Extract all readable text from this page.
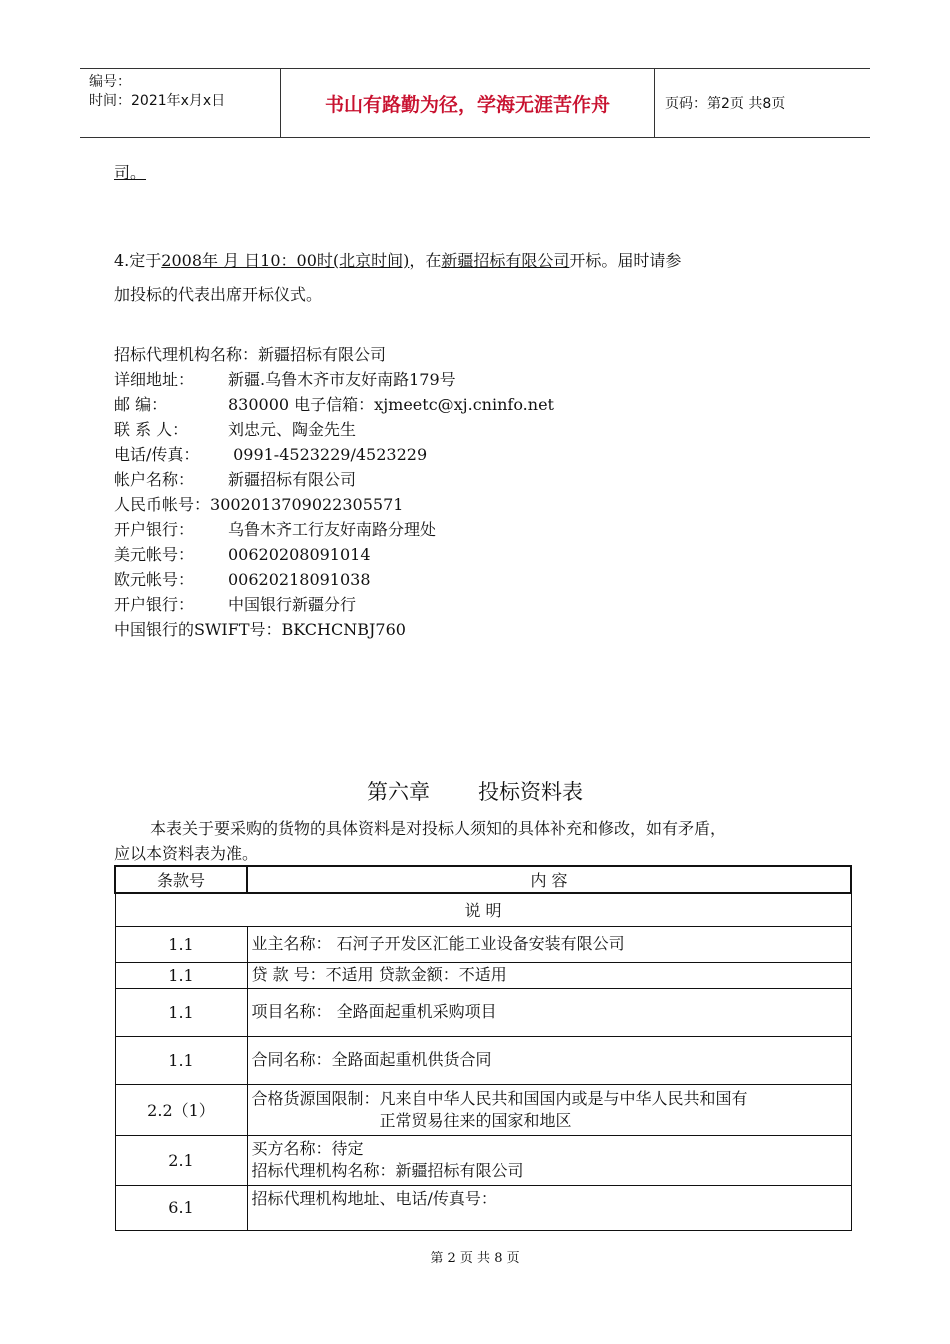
编号：
时间：2021年x月x日	书山有路勤为径，学海无涯苦作舟	页码：第2页 共8页
司。
4.定于2008年 月 日10：00时(北京时间)，在新疆招标有限公司开标。届时请参
加投标的代表出席开标仪式。
招标代理机构名称：新疆招标有限公司
详细地址： 新疆.乌鲁木齐市友好南路179号
邮 编：	830000 电子信箱：xjmeetc@xj.cninfo.net
联 系 人： 刘忠元、陶金先生
电话/传真： 0991-4523229/4523229
帐户名称： 新疆招标有限公司
人民币帐号：3002013709022305571
开户银行： 乌鲁木齐工行友好南路分理处
美元帐号： 00620208091014
欧元帐号： 00620218091038
开户银行： 中国银行新疆分行
中国银行的SWIFT号：BKCHCNBJ760
第六章 投标资料表
本表关于要采购的货物的具体资料是对投标人须知的具体补充和修改，如有矛盾，
应以本资料表为准。
条款号	内 容
说 明	
1.1	业主名称： 石河子开发区汇能工业设备安装有限公司

1.1	贷 款 号：不适用 贷款金额：不适用

1.1	项目名称： 全路面起重机采购项目

1.1	合同名称：全路面起重机供货合同

2.2（1）	合格货源国限制：凡来自中华人民共和国国内或是与中华人民共和国有
正常贸易往来的国家和地区

2.1	买方名称：待定
招标代理机构名称：新疆招标有限公司

6.1	招标代理机构地址、电话/传真号：
第 2 页 共 8 页
